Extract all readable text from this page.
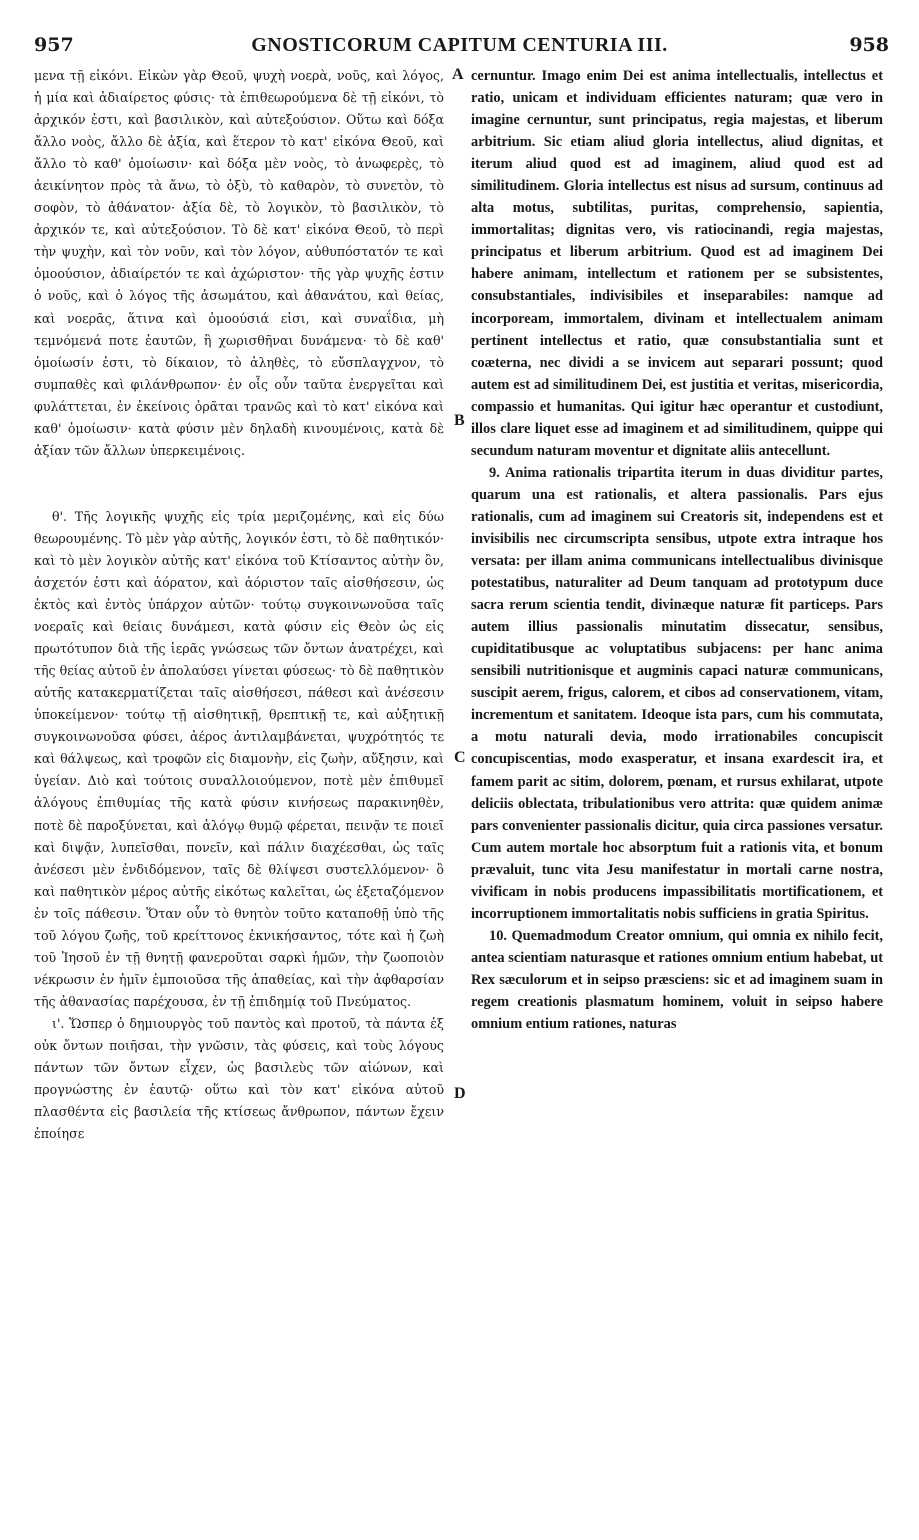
957	GNOSTICORUM CAPITUM CENTURIA III.	958
A
B
C
D

μενα τῇ εἰκόνι. Εἰκὼν γὰρ Θεοῦ, ψυχὴ νοερὰ, νοῦς, καὶ λόγος, ἡ μία καὶ ἀδιαίρετος φύσις· τὰ ἐπιθεωρούμενα δὲ τῇ εἰκόνι, τὸ ἀρχικόν ἐστι, καὶ βασιλικὸν, καὶ αὐτεξούσιον. Οὕτω καὶ δόξα ἄλλο νοὸς, ἄλλο δὲ ἀξία, καὶ ἕτερον τὸ κατ' εἰκόνα Θεοῦ, καὶ ἄλλο τὸ καθ' ὁμοίωσιν· καὶ δόξα μὲν νοὸς, τὸ ἀνωφερὲς, τὸ ἀεικίνητον πρὸς τὰ ἄνω, τὸ ὀξὺ, τὸ καθαρὸν, τὸ συνετὸν, τὸ σοφὸν, τὸ ἀθάνατον· ἀξία δὲ, τὸ λογικὸν, τὸ βασιλικὸν, τὸ ἀρχικόν τε, καὶ αὐτεξούσιον. Τὸ δὲ κατ' εἰκόνα Θεοῦ, τὸ περὶ τὴν ψυχὴν, καὶ τὸν νοῦν, καὶ τὸν λόγον, αὐθυπόστατόν τε καὶ ὁμοούσιον, ἀδιαίρετόν τε καὶ ἀχώριστον· τῆς γὰρ ψυχῆς ἐστιν ὁ νοῦς, καὶ ὁ λόγος τῆς ἀσωμάτου, καὶ ἀθανάτου, καὶ θείας, καὶ νοερᾶς, ἅτινα καὶ ὁμοούσιά εἰσι, καὶ συναΐδια, μὴ τεμνόμενά ποτε ἑαυτῶν, ἢ χωρισθῆναι δυνάμενα· τὸ δὲ καθ' ὁμοίωσίν ἐστι, τὸ δίκαιον, τὸ ἀληθὲς, τὸ εὔσπλαγχνον, τὸ συμπαθὲς καὶ φιλάνθρωπον· ἐν οἷς οὖν ταῦτα ἐνεργεῖται καὶ φυλάττεται, ἐν ἐκείνοις ὁρᾶται τρανῶς καὶ τὸ κατ' εἰκόνα καὶ καθ' ὁμοίωσιν· κατὰ φύσιν μὲν δηλαδὴ κινουμένοις, κατὰ δὲ ἀξίαν τῶν ἄλλων ὑπερκειμένοις.

θ'. Τῆς λογικῆς ψυχῆς εἰς τρία μεριζομένης, καὶ εἰς δύω θεωρουμένης. Τὸ μὲν γὰρ αὐτῆς, λογικόν ἐστι, τὸ δὲ παθητικόν· καὶ τὸ μὲν λογικὸν αὐτῆς κατ' εἰκόνα τοῦ Κτίσαντος αὐτὴν ὂν, ἀσχετόν ἐστι καὶ ἀόρατον, καὶ ἀόριστον ταῖς αἰσθήσεσιν, ὡς ἐκτὸς καὶ ἐντὸς ὑπάρχον αὐτῶν· τούτῳ συγκοινωνοῦσα ταῖς νοεραῖς καὶ θείαις δυνάμεσι, κατὰ φύσιν εἰς Θεὸν ὡς εἰς πρωτότυπον διὰ τῆς ἱερᾶς γνώσεως τῶν ὄντων ἀνατρέχει, καὶ τῆς θείας αὐτοῦ ἐν ἀπολαύσει γίνεται φύσεως· τὸ δὲ παθητικὸν αὐτῆς κατακερματίζεται ταῖς αἰσθήσεσι, πάθεσι καὶ ἀνέσεσιν ὑποκείμενον· τούτῳ τῇ αἰσθητικῇ, θρεπτικῇ τε, καὶ αὐξητικῇ συγκοινωνοῦσα φύσει, ἀέρος ἀντιλαμβάνεται, ψυχρότητός τε καὶ θάλψεως, καὶ τροφῶν εἰς διαμονὴν, εἰς ζωὴν, αὔξησιν, καὶ ὑγείαν. Διὸ καὶ τούτοις συναλλοιούμενον, ποτὲ μὲν ἐπιθυμεῖ ἀλόγους ἐπιθυμίας τῆς κατὰ φύσιν κινήσεως παρακινηθὲν, ποτὲ δὲ παροξύνεται, καὶ ἀλόγῳ θυμῷ φέρεται, πεινᾷν τε ποιεῖ καὶ διψᾷν, λυπεῖσθαι, πονεῖν, καὶ πάλιν διαχέεσθαι, ὡς ταῖς ἀνέσεσι μὲν ἐνδιδόμενον, ταῖς δὲ θλίψεσι συστελλόμενον· ὃ καὶ παθητικὸν μέρος αὐτῆς εἰκότως καλεῖται, ὡς ἐξεταζόμενον ἐν τοῖς πάθεσιν. Ὅταν οὖν τὸ θνητὸν τοῦτο καταποθῇ ὑπὸ τῆς τοῦ λόγου ζωῆς, τοῦ κρείττονος ἐκνικήσαντος, τότε καὶ ἡ ζωὴ τοῦ Ἰησοῦ ἐν τῇ θνητῇ φανεροῦται σαρκὶ ἡμῶν, τὴν ζωοποιὸν νέκρωσιν ἐν ἡμῖν ἐμποιοῦσα τῆς ἀπαθείας, καὶ τὴν ἀφθαρσίαν τῆς ἀθανασίας παρέχουσα, ἐν τῇ ἐπιδημίᾳ τοῦ Πνεύματος.

ι'. Ὥσπερ ὁ δημιουργὸς τοῦ παντὸς καὶ προτοῦ, τὰ πάντα ἐξ οὐκ ὄντων ποιῆσαι, τὴν γνῶσιν, τὰς φύσεις, καὶ τοὺς λόγους πάντων τῶν ὄντων εἶχεν, ὡς βασιλεὺς τῶν αἰώνων, καὶ προγνώστης ἐν ἑαυτῷ· οὕτω καὶ τὸν κατ' εἰκόνα αὐτοῦ πλασθέντα εἰς βασιλεία τῆς κτίσεως ἄνθρωπον, πάντων ἔχειν ἐποίησε

cernuntur. Imago enim Dei est anima intellectualis, intellectus et ratio, unicam et individuam efficientes naturam; quæ vero in imagine cernuntur, sunt principatus, regia majestas, et liberum arbitrium. Sic etiam aliud gloria intellectus, aliud dignitas, et iterum aliud quod est ad imaginem, aliud quod est ad similitudinem. Gloria intellectus est nisus ad sursum, continuus ad alta motus, subtilitas, puritas, comprehensio, sapientia, immortalitas; dignitas vero, vis ratiocinandi, regia majestas, principatus et liberum arbitrium. Quod est ad imaginem Dei habere animam, intellectum et rationem per se subsistentes, consubstantiales, indivisibiles et inseparabiles: namque ad incorpoream, immortalem, divinam et intellectualem animam pertinent intellectus et ratio, quæ consubstantialia sunt et coæterna, nec dividi a se invicem aut separari possunt; quod autem est ad similitudinem Dei, est justitia et veritas, misericordia, compassio et humanitas. Qui igitur hæc operantur et custodiunt, illos clare liquet esse ad imaginem et ad similitudinem, quippe qui secundum naturam moventur et dignitate aliis antecellunt.

9. Anima rationalis tripartita iterum in duas dividitur partes, quarum una est rationalis, et altera passionalis. Pars ejus rationalis, cum ad imaginem sui Creatoris sit, independens est et invisibilis nec circumscripta sensibus, utpote extra intraque hos versata: per illam anima communicans intellectualibus divinisque potestatibus, naturaliter ad Deum tanquam ad prototypum duce sacra rerum scientia tendit, divinæque naturæ fit particeps. Pars autem illius passionalis minutatim dissecatur, sensibus, cupiditatibusque ac voluptatibus subjacens: per hanc anima sensibili nutritionisque et augminis capaci naturæ communicans, suscipit aerem, frigus, calorem, et cibos ad conservationem, vitam, incrementum et sanitatem. Ideoque ista pars, cum his commutata, a motu naturali devia, modo irrationabiles concupiscit concupiscentias, modo exasperatur, et insana exardescit ira, et famem parit ac sitim, dolorem, pœnam, et rursus exhilarat, utpote deliciis oblectata, tribulationibus vero attrita: quæ quidem animæ pars convenienter passionalis dicitur, quia circa passiones versatur. Cum autem mortale hoc absorptum fuit a rationis vita, et bonum prævaluit, tunc vita Jesu manifestatur in mortali carne nostra, vivificam in nobis producens impassibilitatis mortificationem, et incorruptionem immortalitatis nobis sufficiens in gratia Spiritus.

10. Quemadmodum Creator omnium, qui omnia ex nihilo fecit, antea scientiam naturasque et rationes omnium entium habebat, ut Rex sæculorum et in seipso præsciens: sic et ad imaginem suam in regem creationis plasmatum hominem, voluit in seipso habere omnium entium rationes, naturas
